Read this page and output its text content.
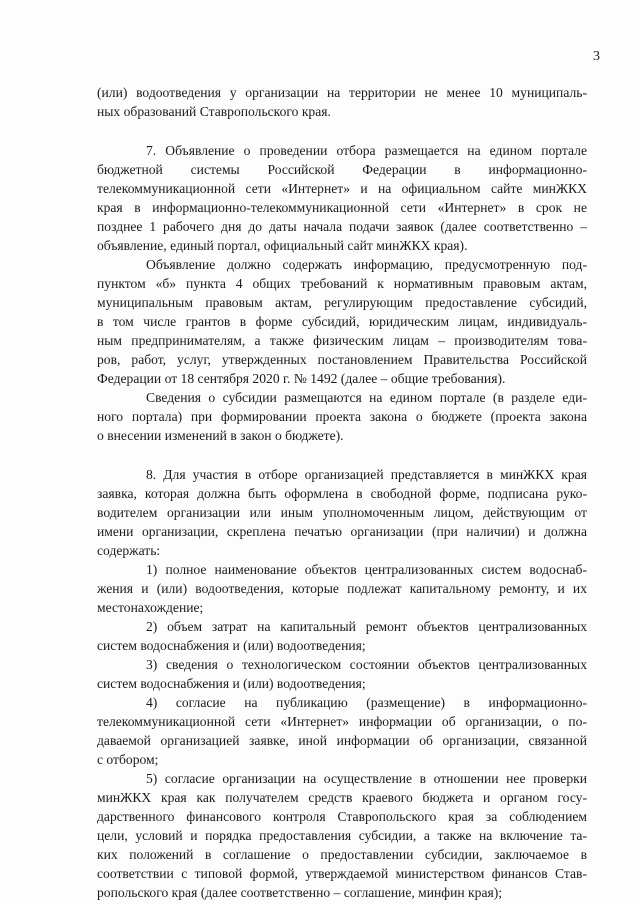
3
(или) водоотведения у организации на территории не менее 10 муниципаль-
ных образований Ставропольского края.
7. Объявление о проведении отбора размещается на едином портале
бюджетной системы Российской Федерации в информационно-
телекоммуникационной сети «Интернет» и на официальном сайте минЖКХ
края в информационно-телекоммуникационной сети «Интернет» в срок не
позднее 1 рабочего дня до даты начала подачи заявок (далее соответственно –
объявление, единый портал, официальный сайт минЖКХ края).
Объявление должно содержать информацию, предусмотренную под-
пунктом «б» пункта 4 общих требований к нормативным правовым актам,
муниципальным правовым актам, регулирующим предоставление субсидий,
в том числе грантов в форме субсидий, юридическим лицам, индивидуаль-
ным предпринимателям, а также физическим лицам – производителям това-
ров, работ, услуг, утвержденных постановлением Правительства Российской
Федерации от 18 сентября 2020 г. № 1492 (далее – общие требования).
Сведения о субсидии размещаются на едином портале (в разделе еди-
ного портала) при формировании проекта закона о бюджете (проекта закона
о внесении изменений в закон о бюджете).
8. Для участия в отборе организацией представляется в минЖКХ края
заявка, которая должна быть оформлена в свободной форме, подписана руко-
водителем организации или иным уполномоченным лицом, действующим от
имени организации, скреплена печатью организации (при наличии) и должна
содержать:
1) полное наименование объектов централизованных систем водоснаб-
жения и (или) водоотведения, которые подлежат капитальному ремонту, и их
местонахождение;
2) объем затрат на капитальный ремонт объектов централизованных
систем водоснабжения и (или) водоотведения;
3) сведения о технологическом состоянии объектов централизованных
систем водоснабжения и (или) водоотведения;
4) согласие на публикацию (размещение) в информационно-
телекоммуникационной сети «Интернет» информации об организации, о по-
даваемой организацией заявке, иной информации об организации, связанной
с отбором;
5) согласие организации на осуществление в отношении нее проверки
минЖКХ края как получателем средств краевого бюджета и органом госу-
дарственного финансового контроля Ставропольского края за соблюдением
цели, условий и порядка предоставления субсидии, а также на включение та-
ких положений в соглашение о предоставлении субсидии, заключаемое в
соответствии с типовой формой, утверждаемой министерством финансов Став-
ропольского края (далее соответственно – соглашение, минфин края);
